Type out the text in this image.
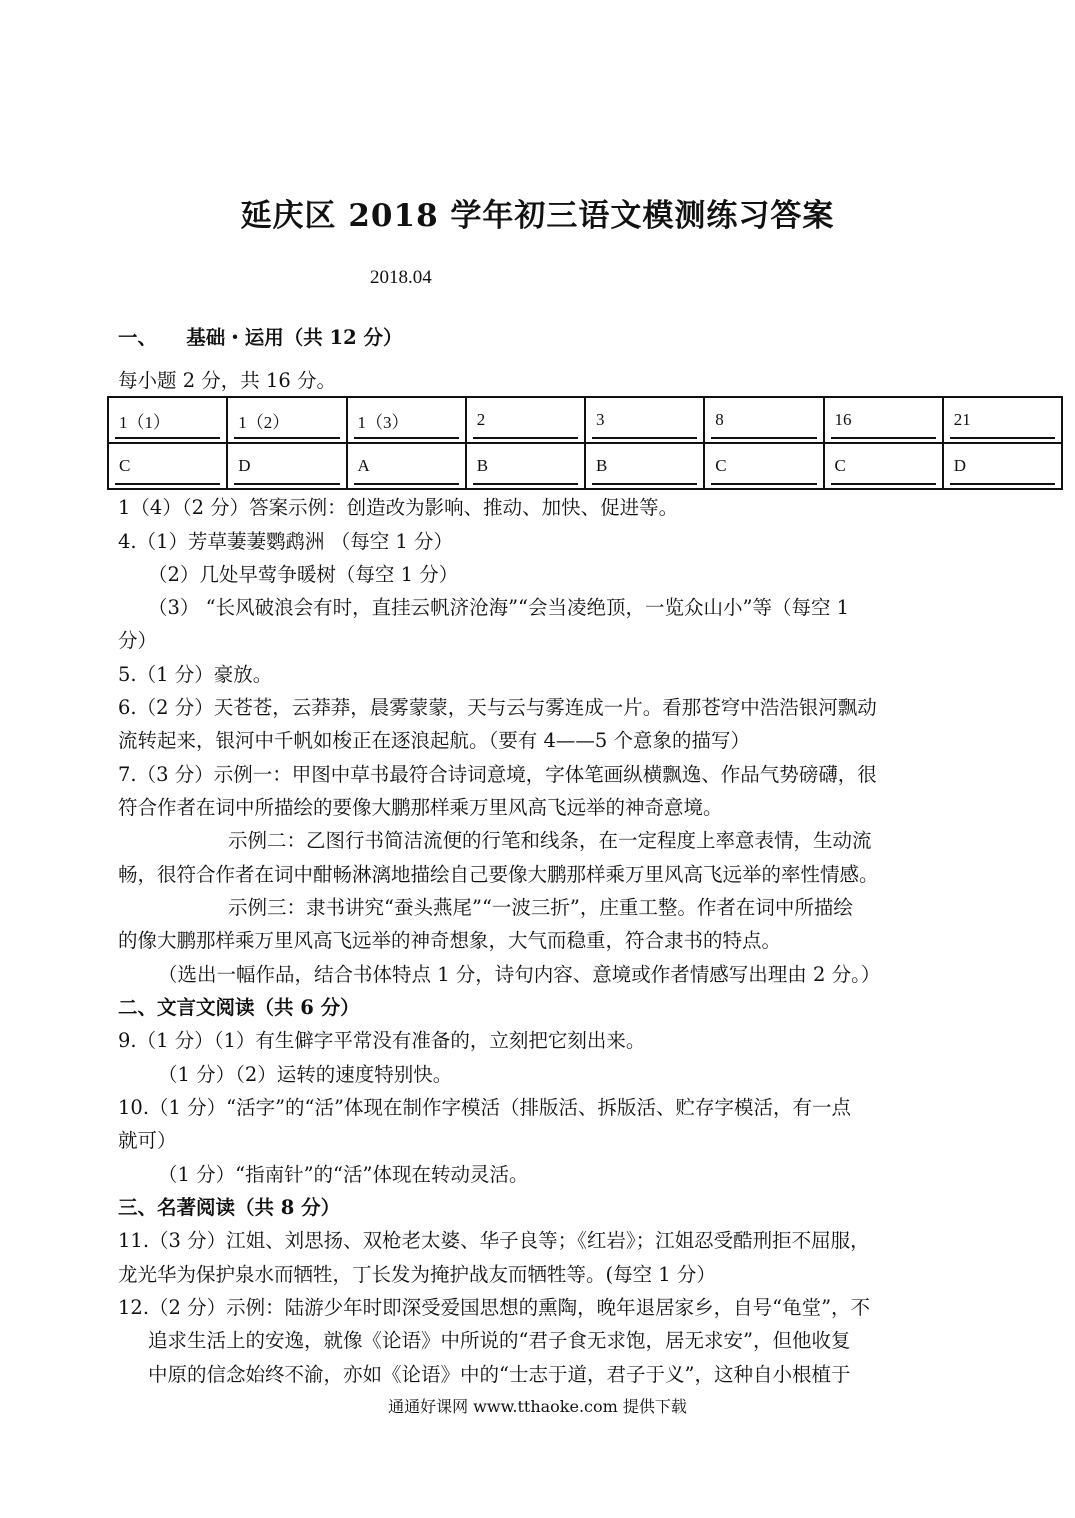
延庆区 2018 学年初三语文模测练习答案
2018.04
一、　　基础・运用（共 12 分）
每小题 2 分，共 16 分。
1（1）	1（2）	1（3）	2	3	8	16	21
C	D	A	B	B	C	C	D
1（4）（2 分）答案示例：创造改为影响、推动、加快、促进等。
4.（1）芳草萋萋鹦鹉洲 （每空 1 分）
（2）几处早莺争暖树（每空 1 分）
（3） “长风破浪会有时，直挂云帆济沧海”“会当凌绝顶，一览众山小”等（每空 1
分）
5.（1 分）豪放。
6.（2 分）天苍苍，云莽莽，晨雾蒙蒙，天与云与雾连成一片。看那苍穹中浩浩银河飘动
流转起来，银河中千帆如梭正在逐浪起航。（要有 4——5 个意象的描写）
7.（3 分）示例一：甲图中草书最符合诗词意境，字体笔画纵横飘逸、作品气势磅礴，很
符合作者在词中所描绘的要像大鹏那样乘万里风高飞远举的神奇意境。
示例二：乙图行书简洁流便的行笔和线条，在一定程度上率意表情，生动流
畅，很符合作者在词中酣畅淋漓地描绘自己要像大鹏那样乘万里风高飞远举的率性情感。
示例三：隶书讲究“蚕头燕尾”“一波三折”，庄重工整。作者在词中所描绘
的像大鹏那样乘万里风高飞远举的神奇想象，大气而稳重，符合隶书的特点。
（选出一幅作品，结合书体特点 1 分，诗句内容、意境或作者情感写出理由 2 分。）
二、文言文阅读（共 6 分）
9.（1 分）（1）有生僻字平常没有准备的，立刻把它刻出来。
（1 分）（2）运转的速度特别快。
10.（1 分）“活字”的“活”体现在制作字模活（排版活、拆版活、贮存字模活，有一点
就可）
（1 分）“指南针”的“活”体现在转动灵活。
三、名著阅读（共 8 分）
11.（3 分）江姐、刘思扬、双枪老太婆、华子良等；《红岩》；江姐忍受酷刑拒不屈服，
龙光华为保护泉水而牺牲，丁长发为掩护战友而牺牲等。(每空 1 分）
12.（2 分）示例：陆游少年时即深受爱国思想的熏陶，晚年退居家乡，自号“龟堂”，不
追求生活上的安逸，就像《论语》中所说的“君子食无求饱，居无求安”，但他收复
中原的信念始终不渝，亦如《论语》中的“士志于道，君子于义”，这种自小根植于
通通好课网 www.tthaoke.com 提供下载
